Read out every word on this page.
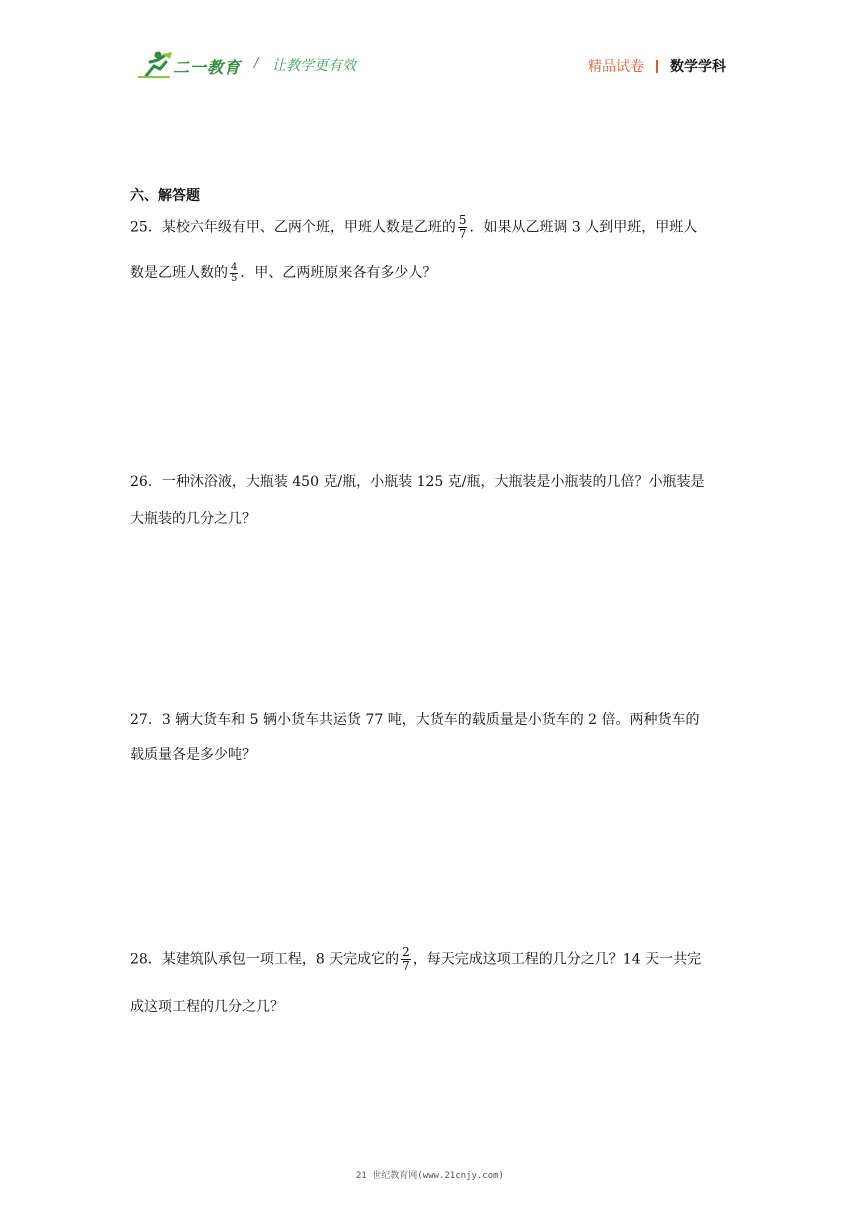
二一教育 / 让教学更有效	精品试卷 数学学科
六、解答题
25．某校六年级有甲、乙两个班，甲班人数是乙班的 $\frac{5}{7}$ ．如果从乙班调 3 人到甲班，甲班人
数是乙班人数的 $\frac{4}{5}$ ．甲、乙两班原来各有多少人？
26．一种沐浴液，大瓶装 450 克/瓶，小瓶装 125 克/瓶，大瓶装是小瓶装的几倍？小瓶装是
大瓶装的几分之几？
27．3 辆大货车和 5 辆小货车共运货 77 吨，大货车的载质量是小货车的 2 倍。两种货车的
载质量各是多少吨？
28．某建筑队承包一项工程，8 天完成它的 $\frac{2}{7}$ ，每天完成这项工程的几分之几？14 天一共完
成这项工程的几分之几？
21 世纪教育网(www.21cnjy.com)
